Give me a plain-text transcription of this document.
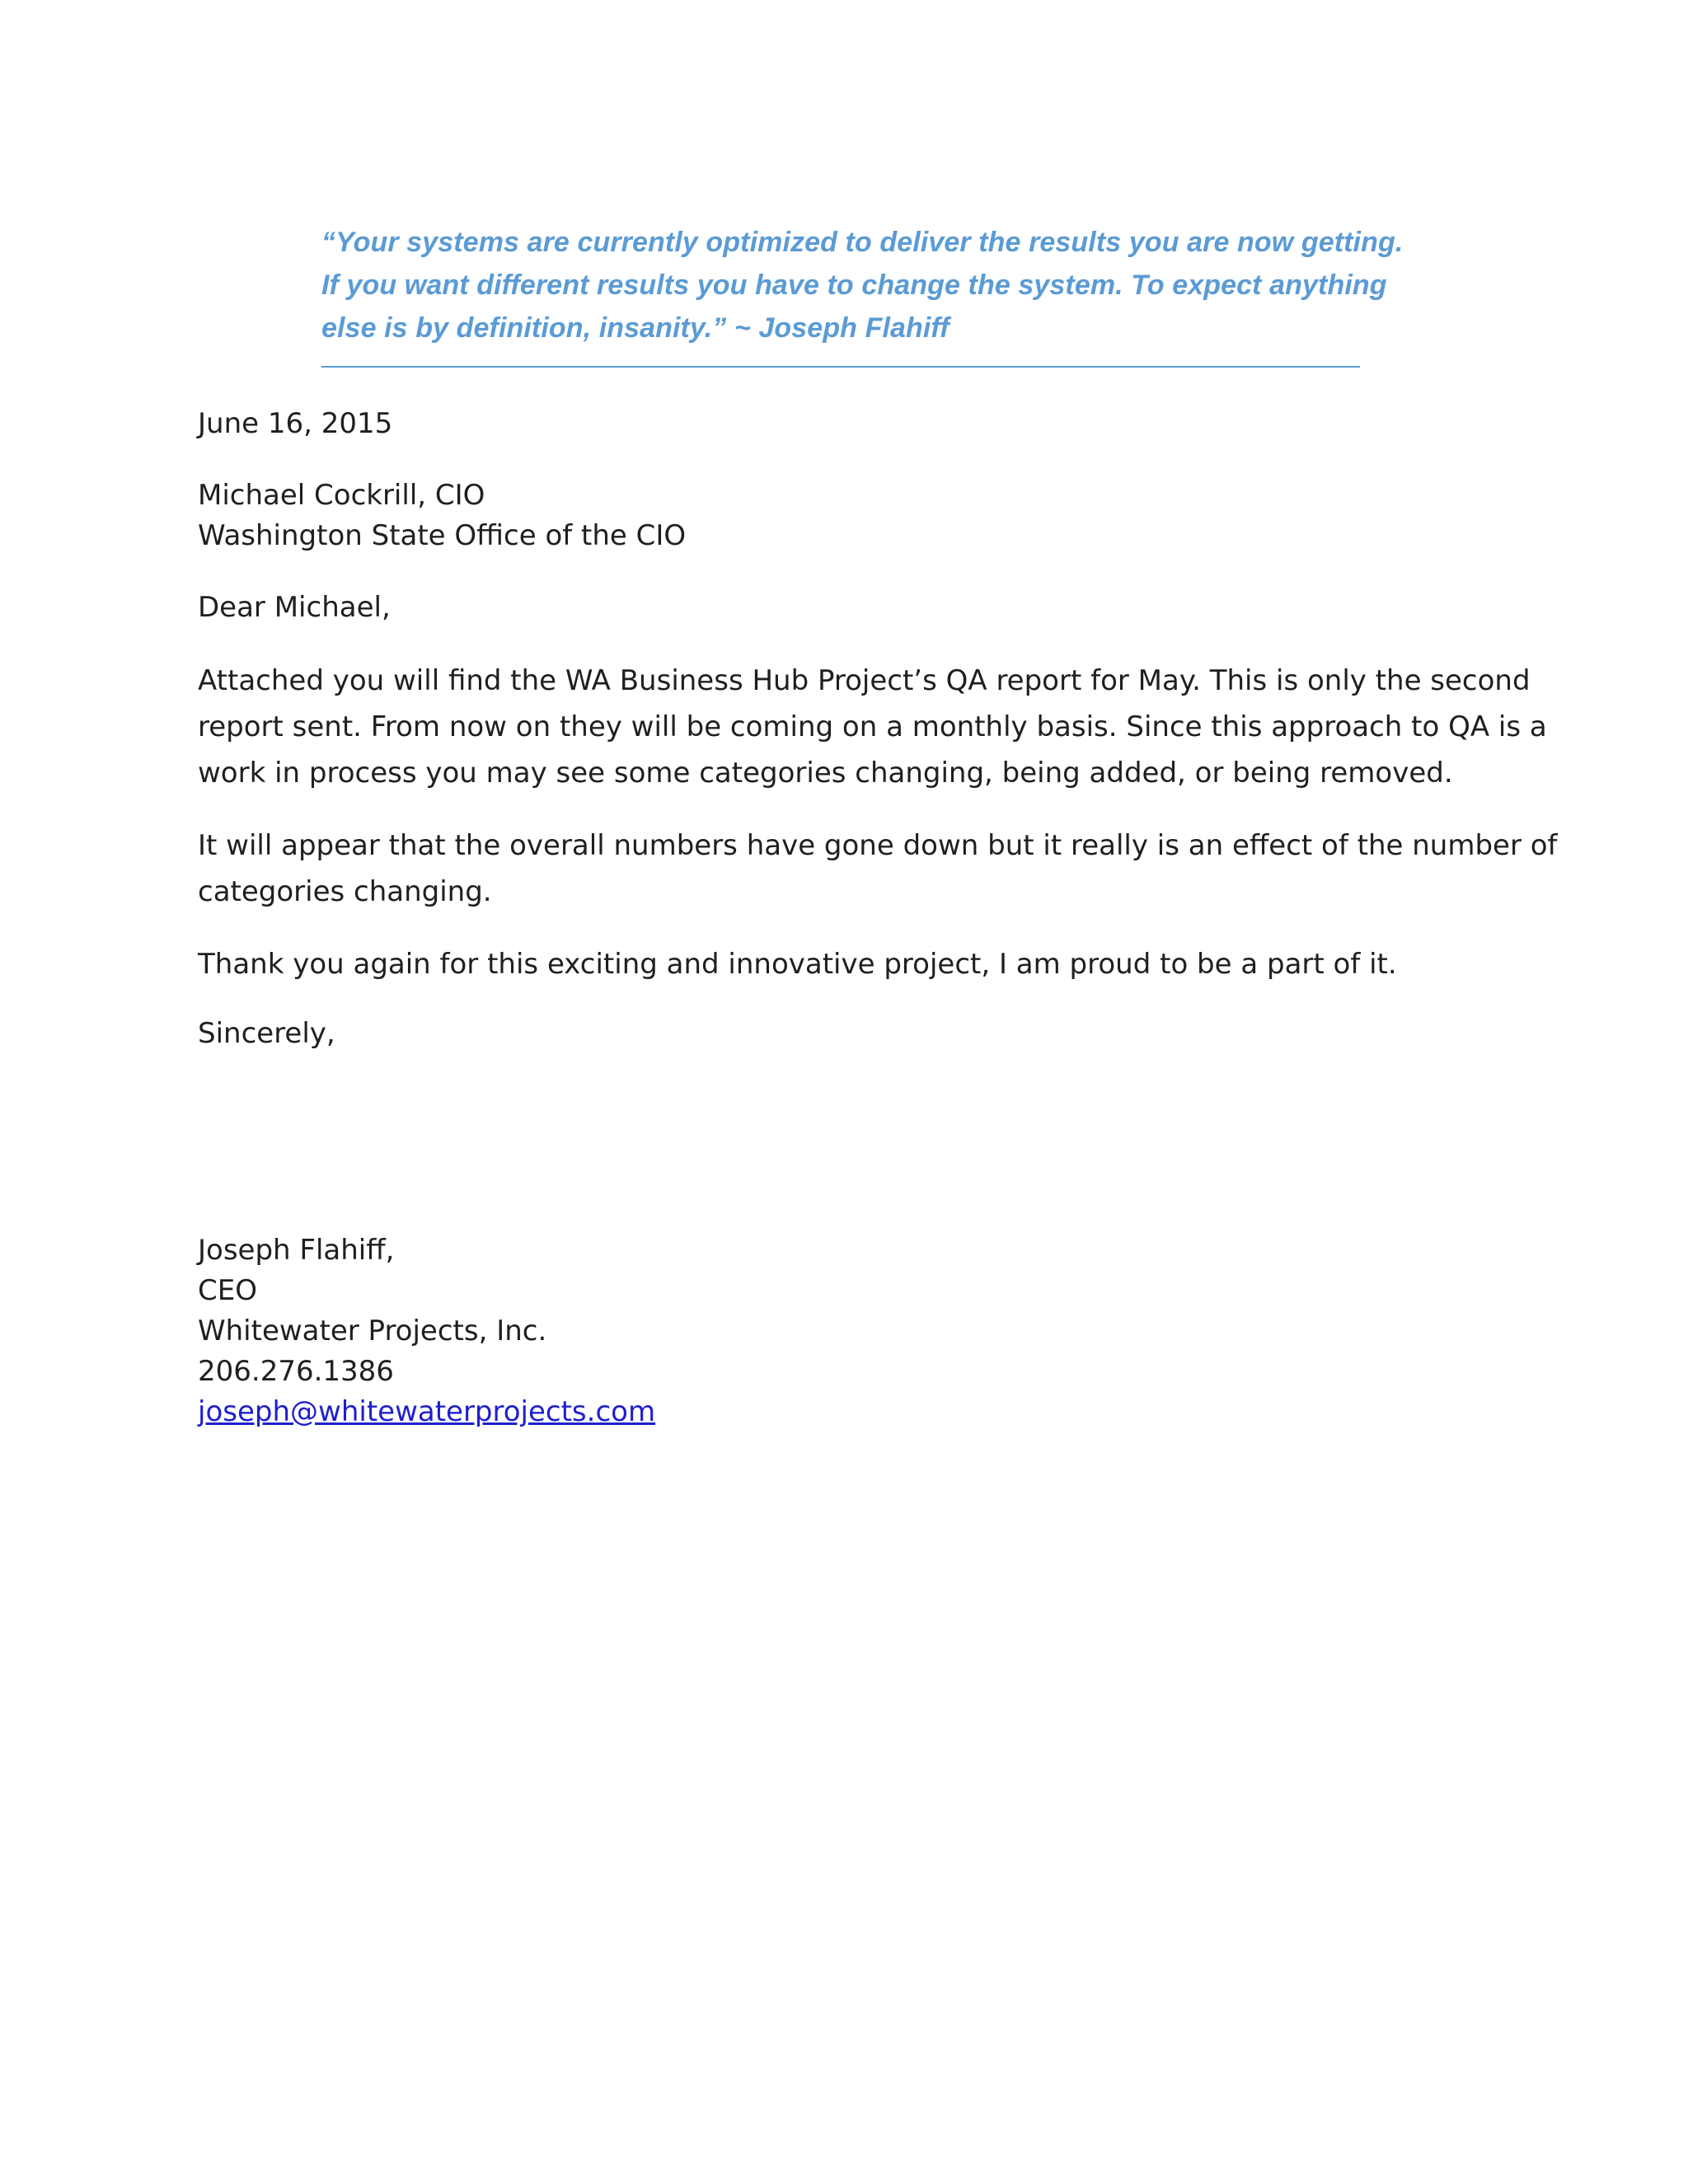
“Your systems are currently optimized to deliver the results you are now getting.
If you want different results you have to change the system. To expect anything
else is by definition, insanity.” ~ Joseph Flahiff
June 16, 2015
Michael Cockrill, CIO
Washington State Office of the CIO
Dear Michael,
Attached you will find the WA Business Hub Project’s QA report for May. This is only the second
report sent. From now on they will be coming on a monthly basis. Since this approach to QA is a
work in process you may see some categories changing, being added, or being removed.
It will appear that the overall numbers have gone down but it really is an effect of the number of
categories changing.
Thank you again for this exciting and innovative project, I am proud to be a part of it.
Sincerely,
Joseph Flahiff,
CEO
Whitewater Projects, Inc.
206.276.1386
joseph@whitewaterprojects.com
